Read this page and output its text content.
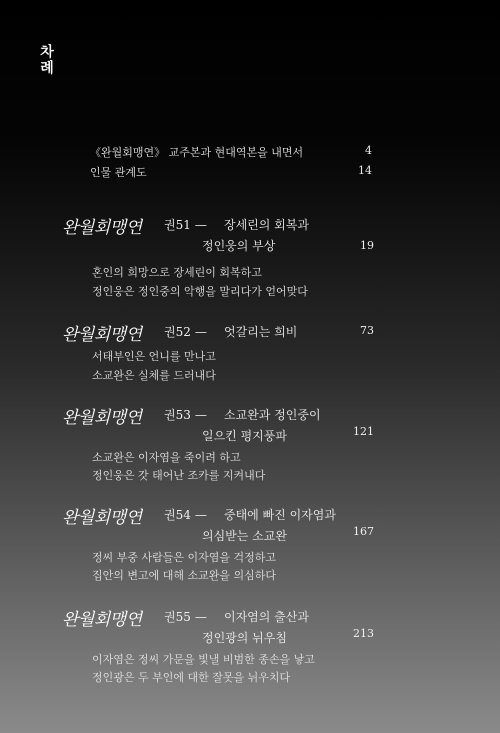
차례
《완월회맹연》 교주본과 현대역본을 내면서	4
인물 관계도	14
완월회맹연 권51 —	장세린의 회복과
정인웅의 부상	19
혼인의 희망으로 장세린이 회복하고
정인웅은 정인중의 악행을 말리다가 얻어맞다
완월회맹연 권52 —	엇갈리는 희비	73
서태부인은 언니를 만나고
소교완은 실체를 드러내다
완월회맹연 권53 —	소교완과 정인중이
일으킨 평지풍파	121
소교완은 이자염을 죽이려 하고
정인웅은 갓 태어난 조카를 지켜내다
완월회맹연 권54 —	중태에 빠진 이자염과
의심받는 소교완	167
정씨 부중 사람들은 이자염을 걱정하고
집안의 변고에 대해 소교완을 의심하다
완월회맹연 권55 —	이자염의 출산과
정인광의 뉘우침	213
이자염은 정씨 가문을 빛낼 비범한 종손을 낳고
정인광은 두 부인에 대한 잘못을 뉘우치다
